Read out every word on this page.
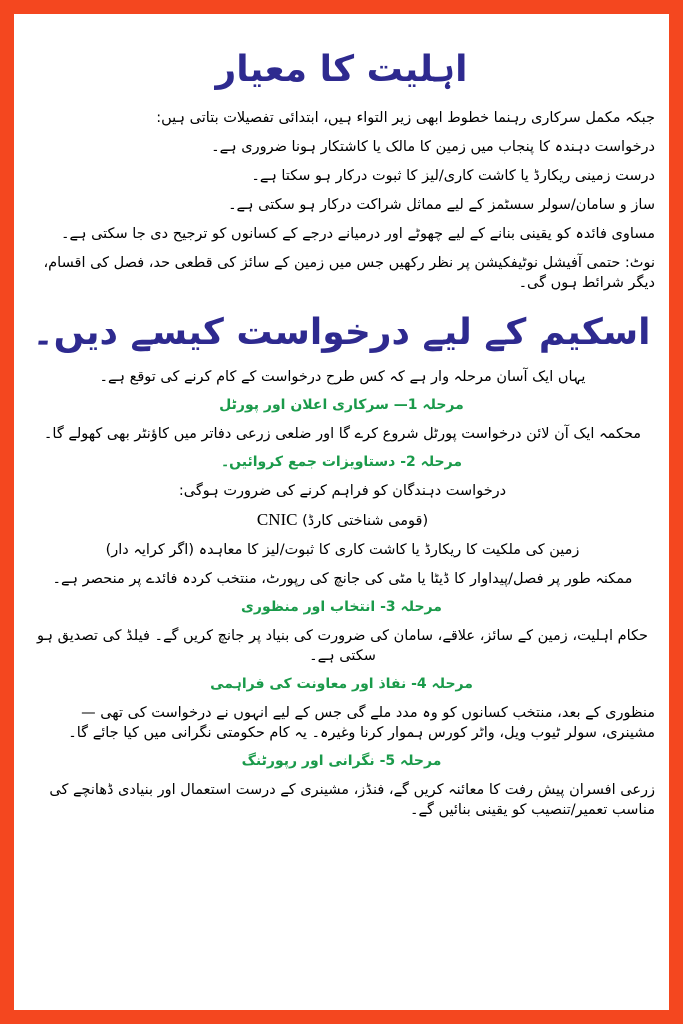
اہلیت کا معیار

جبکہ مکمل سرکاری رہنما خطوط ابھی زیر التواء ہیں، ابتدائی تفصیلات بتاتی ہیں:

درخواست دہندہ کا پنجاب میں زمین کا مالک یا کاشتکار ہونا ضروری ہے۔

درست زمینی ریکارڈ یا کاشت کاری/لیز کا ثبوت درکار ہو سکتا ہے۔

ساز و سامان/سولر سسٹمز کے لیے مماثل شراکت درکار ہو سکتی ہے۔

مساوی فائدہ کو یقینی بنانے کے لیے چھوٹے اور درمیانے درجے کے کسانوں کو ترجیح دی جا سکتی ہے۔

نوٹ: حتمی آفیشل نوٹیفکیشن پر نظر رکھیں جس میں زمین کے سائز کی قطعی حد، فصل کی اقسام، دیگر شرائط ہوں گی۔

اسکیم کے لیے درخواست کیسے دیں۔

یہاں ایک آسان مرحلہ وار ہے کہ کس طرح درخواست کے کام کرنے کی توقع ہے۔

مرحلہ 1— سرکاری اعلان اور پورٹل

محکمہ ایک آن لائن درخواست پورٹل شروع کرے گا اور ضلعی زرعی دفاتر میں کاؤنٹر بھی کھولے گا۔

مرحلہ 2- دستاویزات جمع کروائیں۔

درخواست دہندگان کو فراہم کرنے کی ضرورت ہوگی:

CNIC (قومی شناختی کارڈ)

زمین کی ملکیت کا ریکارڈ یا کاشت کاری کا ثبوت/لیز کا معاہدہ (اگر کرایہ دار)

ممکنہ طور پر فصل/پیداوار کا ڈیٹا یا مٹی کی جانچ کی رپورٹ، منتخب کردہ فائدے پر منحصر ہے۔

مرحلہ 3- انتخاب اور منظوری

حکام اہلیت، زمین کے سائز، علاقے، سامان کی ضرورت کی بنیاد پر جانچ کریں گے۔ فیلڈ کی تصدیق ہو سکتی ہے۔

مرحلہ 4- نفاذ اور معاونت کی فراہمی

منظوری کے بعد، منتخب کسانوں کو وہ مدد ملے گی جس کے لیے انہوں نے درخواست کی تھی —مشینری، سولر ٹیوب ویل، واٹر کورس ہموار کرنا وغیرہ۔ یہ کام حکومتی نگرانی میں کیا جائے گا۔

مرحلہ 5- نگرانی اور رپورٹنگ

زرعی افسران پیش رفت کا معائنہ کریں گے، فنڈز، مشینری کے درست استعمال اور بنیادی ڈھانچے کی مناسب تعمیر/تنصیب کو یقینی بنائیں گے۔
